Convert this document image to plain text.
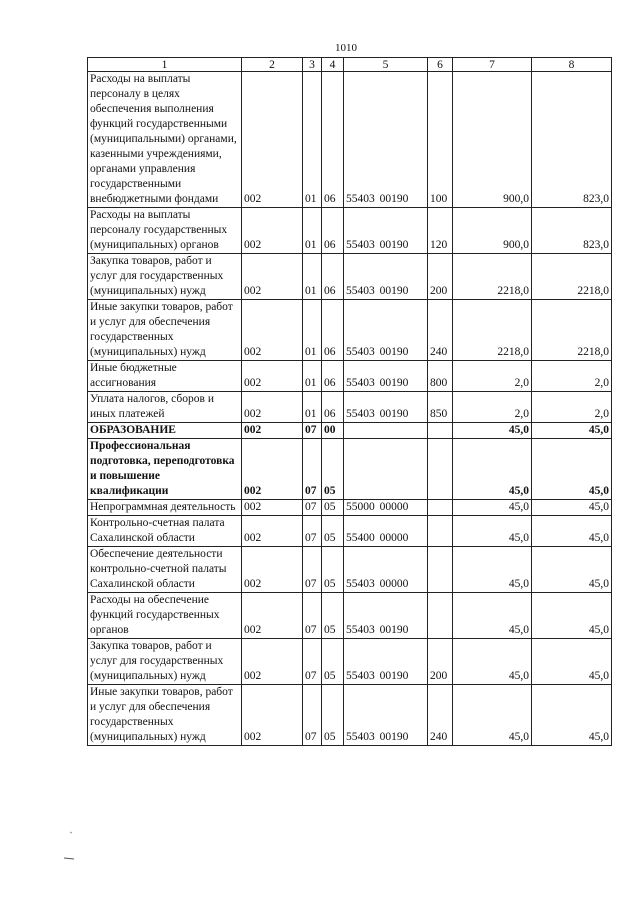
1010
1	2	3	4	5	6	7	8
Расходы на выплаты персоналу в целях обеспечения выполнения функций государственными (муниципальными) органами, казенными учреждениями, органами управления государственными внебюджетными фондами	002	01	06	55403 00190	100	900,0	823,0
Расходы на выплаты персоналу государственных (муниципальных) органов	002	01	06	55403 00190	120	900,0	823,0
Закупка товаров, работ и услуг для государственных (муниципальных) нужд	002	01	06	55403 00190	200	2218,0	2218,0
Иные закупки товаров, работ и услуг для обеспечения государственных (муниципальных) нужд	002	01	06	55403 00190	240	2218,0	2218,0
Иные бюджетные ассигнования	002	01	06	55403 00190	800	2,0	2,0
Уплата налогов, сборов и иных платежей	002	01	06	55403 00190	850	2,0	2,0
ОБРАЗОВАНИЕ	002	07	00			45,0	45,0
Профессиональная подготовка, переподготовка и повышение квалификации	002	07	05			45,0	45,0
Непрограммная деятельность	002	07	05	55000 00000		45,0	45,0
Контрольно-счетная палата Сахалинской области	002	07	05	55400 00000		45,0	45,0
Обеспечение деятельности контрольно-счетной палаты Сахалинской области	002	07	05	55403 00000		45,0	45,0
Расходы на обеспечение функций государственных органов	002	07	05	55403 00190		45,0	45,0
Закупка товаров, работ и услуг для государственных (муниципальных) нужд	002	07	05	55403 00190	200	45,0	45,0
Иные закупки товаров, работ и услуг для обеспечения государственных (муниципальных) нужд	002	07	05	55403 00190	240	45,0	45,0
